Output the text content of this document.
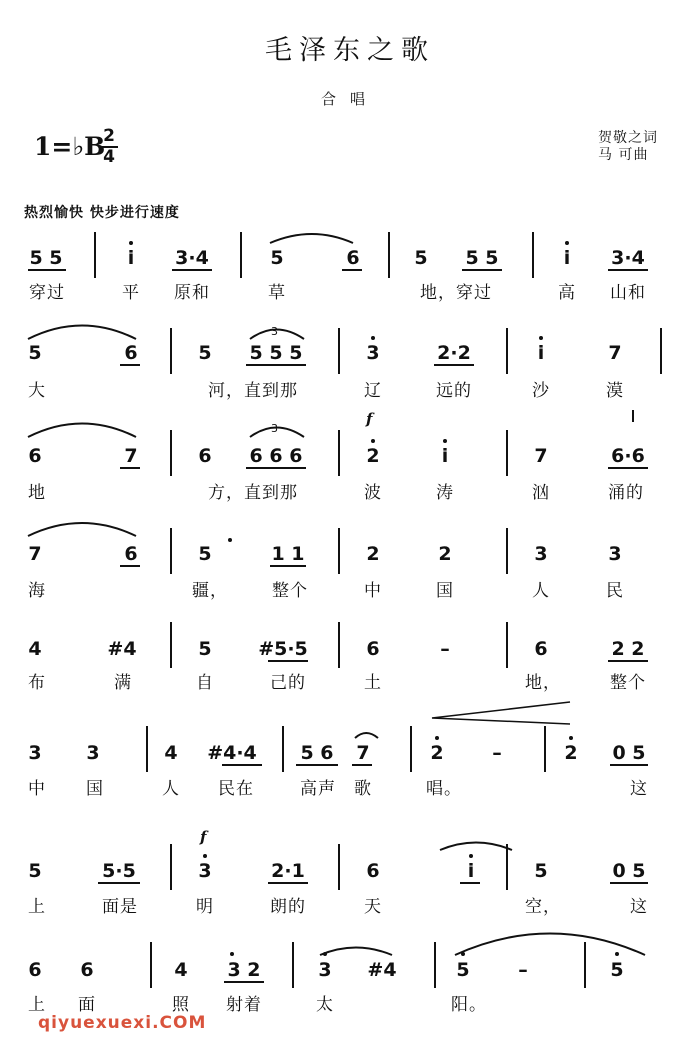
毛泽东之歌
合唱
1=♭B
2
4
贺敬之词
马 可曲
热烈愉快 快步进行速度
f
f
3
3
5 5	i	3·4	5	6	5 5 5	i	3·4
穿过	平	原和	草	地，穿过	高	山和
5	6	5 5 5 5	3	2·2	i	7
大	河，直到那	辽	远的	沙	漠
6	7	6 6 6 6	2	i	7	6·6
地	方，直到那	波	涛	汹	涌的
7	6	5	1 1	2	2	3	3
海	疆，	整个	中	国	人	民
4	#4	5 #5·5	6	–	6	2 2
布	满	自	己的	土	地，	整个
3 3	4	#4·4	5 6	7	2	–	2 0 5
中	国	人	民在	高声	歌	唱。	这
5	5·5	3	2·1	6	i	5	0 5
上	面是	明	朗的	天	空，	这
6 6	4 3 2	3 #4	5	–	5
上	面	照	射着	太	阳。
qiyuexuexi.COM
